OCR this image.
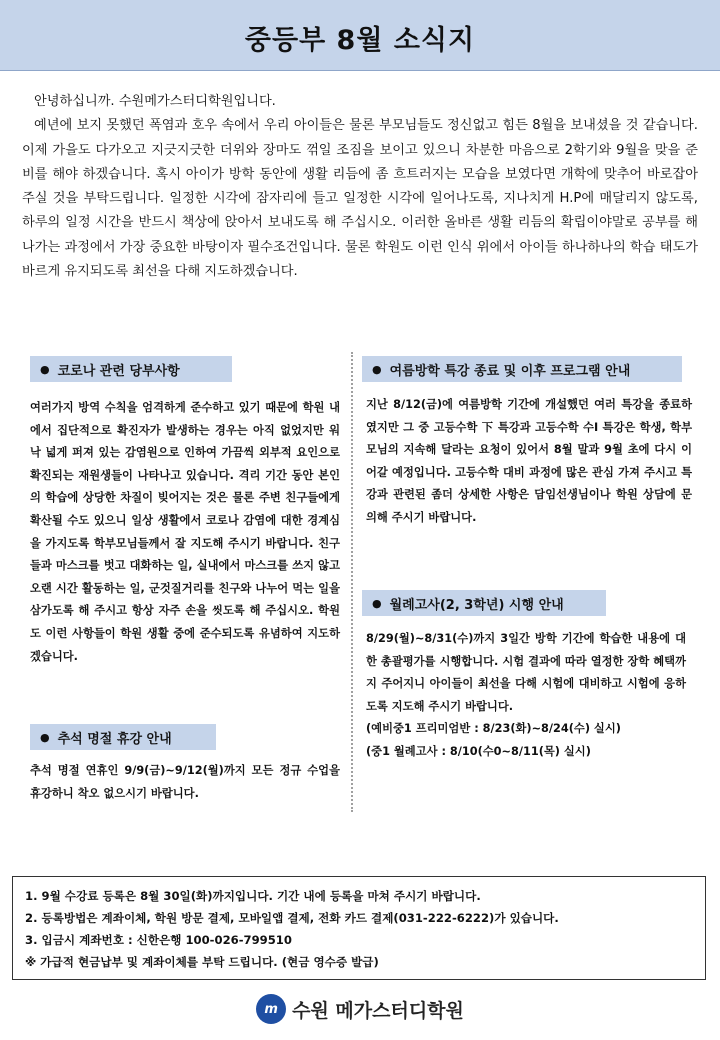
중등부 8월 소식지

안녕하십니까. 수원메가스터디학원입니다.

예년에 보지 못했던 폭염과 호우 속에서 우리 아이들은 물론 부모님들도 정신없고 힘든 8월을 보내셨을 것 같습니다. 이제 가을도 다가오고 지긋지긋한 더위와 장마도 꺾일 조짐을 보이고 있으니 차분한 마음으로 2학기와 9월을 맞을 준비를 해야 하겠습니다. 혹시 아이가 방학 동안에 생활 리듬에 좀 흐트러지는 모습을 보였다면 개학에 맞추어 바로잡아 주실 것을 부탁드립니다. 일정한 시각에 잠자리에 들고 일정한 시각에 일어나도록, 지나치게 H.P에 매달리지 않도록, 하루의 일정 시간을 반드시 책상에 앉아서 보내도록 해 주십시오. 이러한 올바른 생활 리듬의 확립이야말로 공부를 해 나가는 과정에서 가장 중요한 바탕이자 필수조건입니다. 물론 학원도 이런 인식 위에서 아이들 하나하나의 학습 태도가 바르게 유지되도록 최선을 다해 지도하겠습니다.

● 코로나 관련 당부사항

여러가지 방역 수칙을 엄격하게 준수하고 있기 때문에 학원 내에서 집단적으로 확진자가 발생하는 경우는 아직 없었지만 워낙 넓게 퍼져 있는 감염원으로 인하여 가끔씩 외부적 요인으로 확진되는 재원생들이 나타나고 있습니다. 격리 기간 동안 본인의 학습에 상당한 차질이 빚어지는 것은 물론 주변 친구들에게 확산될 수도 있으니 일상 생활에서 코로나 감염에 대한 경계심을 가지도록 학부모님들께서 잘 지도해 주시기 바랍니다. 친구들과 마스크를 벗고 대화하는 일, 실내에서 마스크를 쓰지 않고 오랜 시간 활동하는 일, 군것질거리를 친구와 나누어 먹는 일을 삼가도록 해 주시고 항상 자주 손을 씻도록 해 주십시오. 학원도 이런 사항들이 학원 생활 중에 준수되도록 유념하여 지도하겠습니다.

● 추석 명절 휴강 안내

추석 명절 연휴인 9/9(금)~9/12(월)까지 모든 정규 수업을 휴강하니 착오 없으시기 바랍니다.

● 여름방학 특강 종료 및 이후 프로그램 안내

지난 8/12(금)에 여름방학 기간에 개설했던 여러 특강을 종료하였지만 그 중 고등수학 下 특강과 고등수학 수I 특강은 학생, 학부모님의 지속해 달라는 요청이 있어서 8월 말과 9월 초에 다시 이어갈 예정입니다. 고등수학 대비 과정에 많은 관심 가져 주시고 특강과 관련된 좀더 상세한 사항은 담임선생님이나 학원 상담에 문의해 주시기 바랍니다.

● 월례고사(2, 3학년) 시행 안내

8/29(월)~8/31(수)까지 3일간 방학 기간에 학습한 내용에 대한 총괄평가를 시행합니다. 시험 결과에 따라 열정한 장학 혜택까지 주어지니 아이들이 최선을 다해 시험에 대비하고 시험에 응하도록 지도해 주시기 바랍니다.

(예비중1 프리미엄반 : 8/23(화)~8/24(수) 실시)

(중1 월례고사 : 8/10(수0~8/11(목) 실시)

1. 9월 수강료 등록은 8월 30일(화)까지입니다. 기간 내에 등록을 마쳐 주시기 바랍니다.
2. 등록방법은 계좌이체, 학원 방문 결제, 모바일앱 결제, 전화 카드 결제(031-222-6222)가 있습니다.
3. 입금시 계좌번호 : 신한은행 100-026-799510
※ 가급적 현금납부 및 계좌이체를 부탁 드립니다. (현금 영수증 발급)
m 수원 메가스터디학원
